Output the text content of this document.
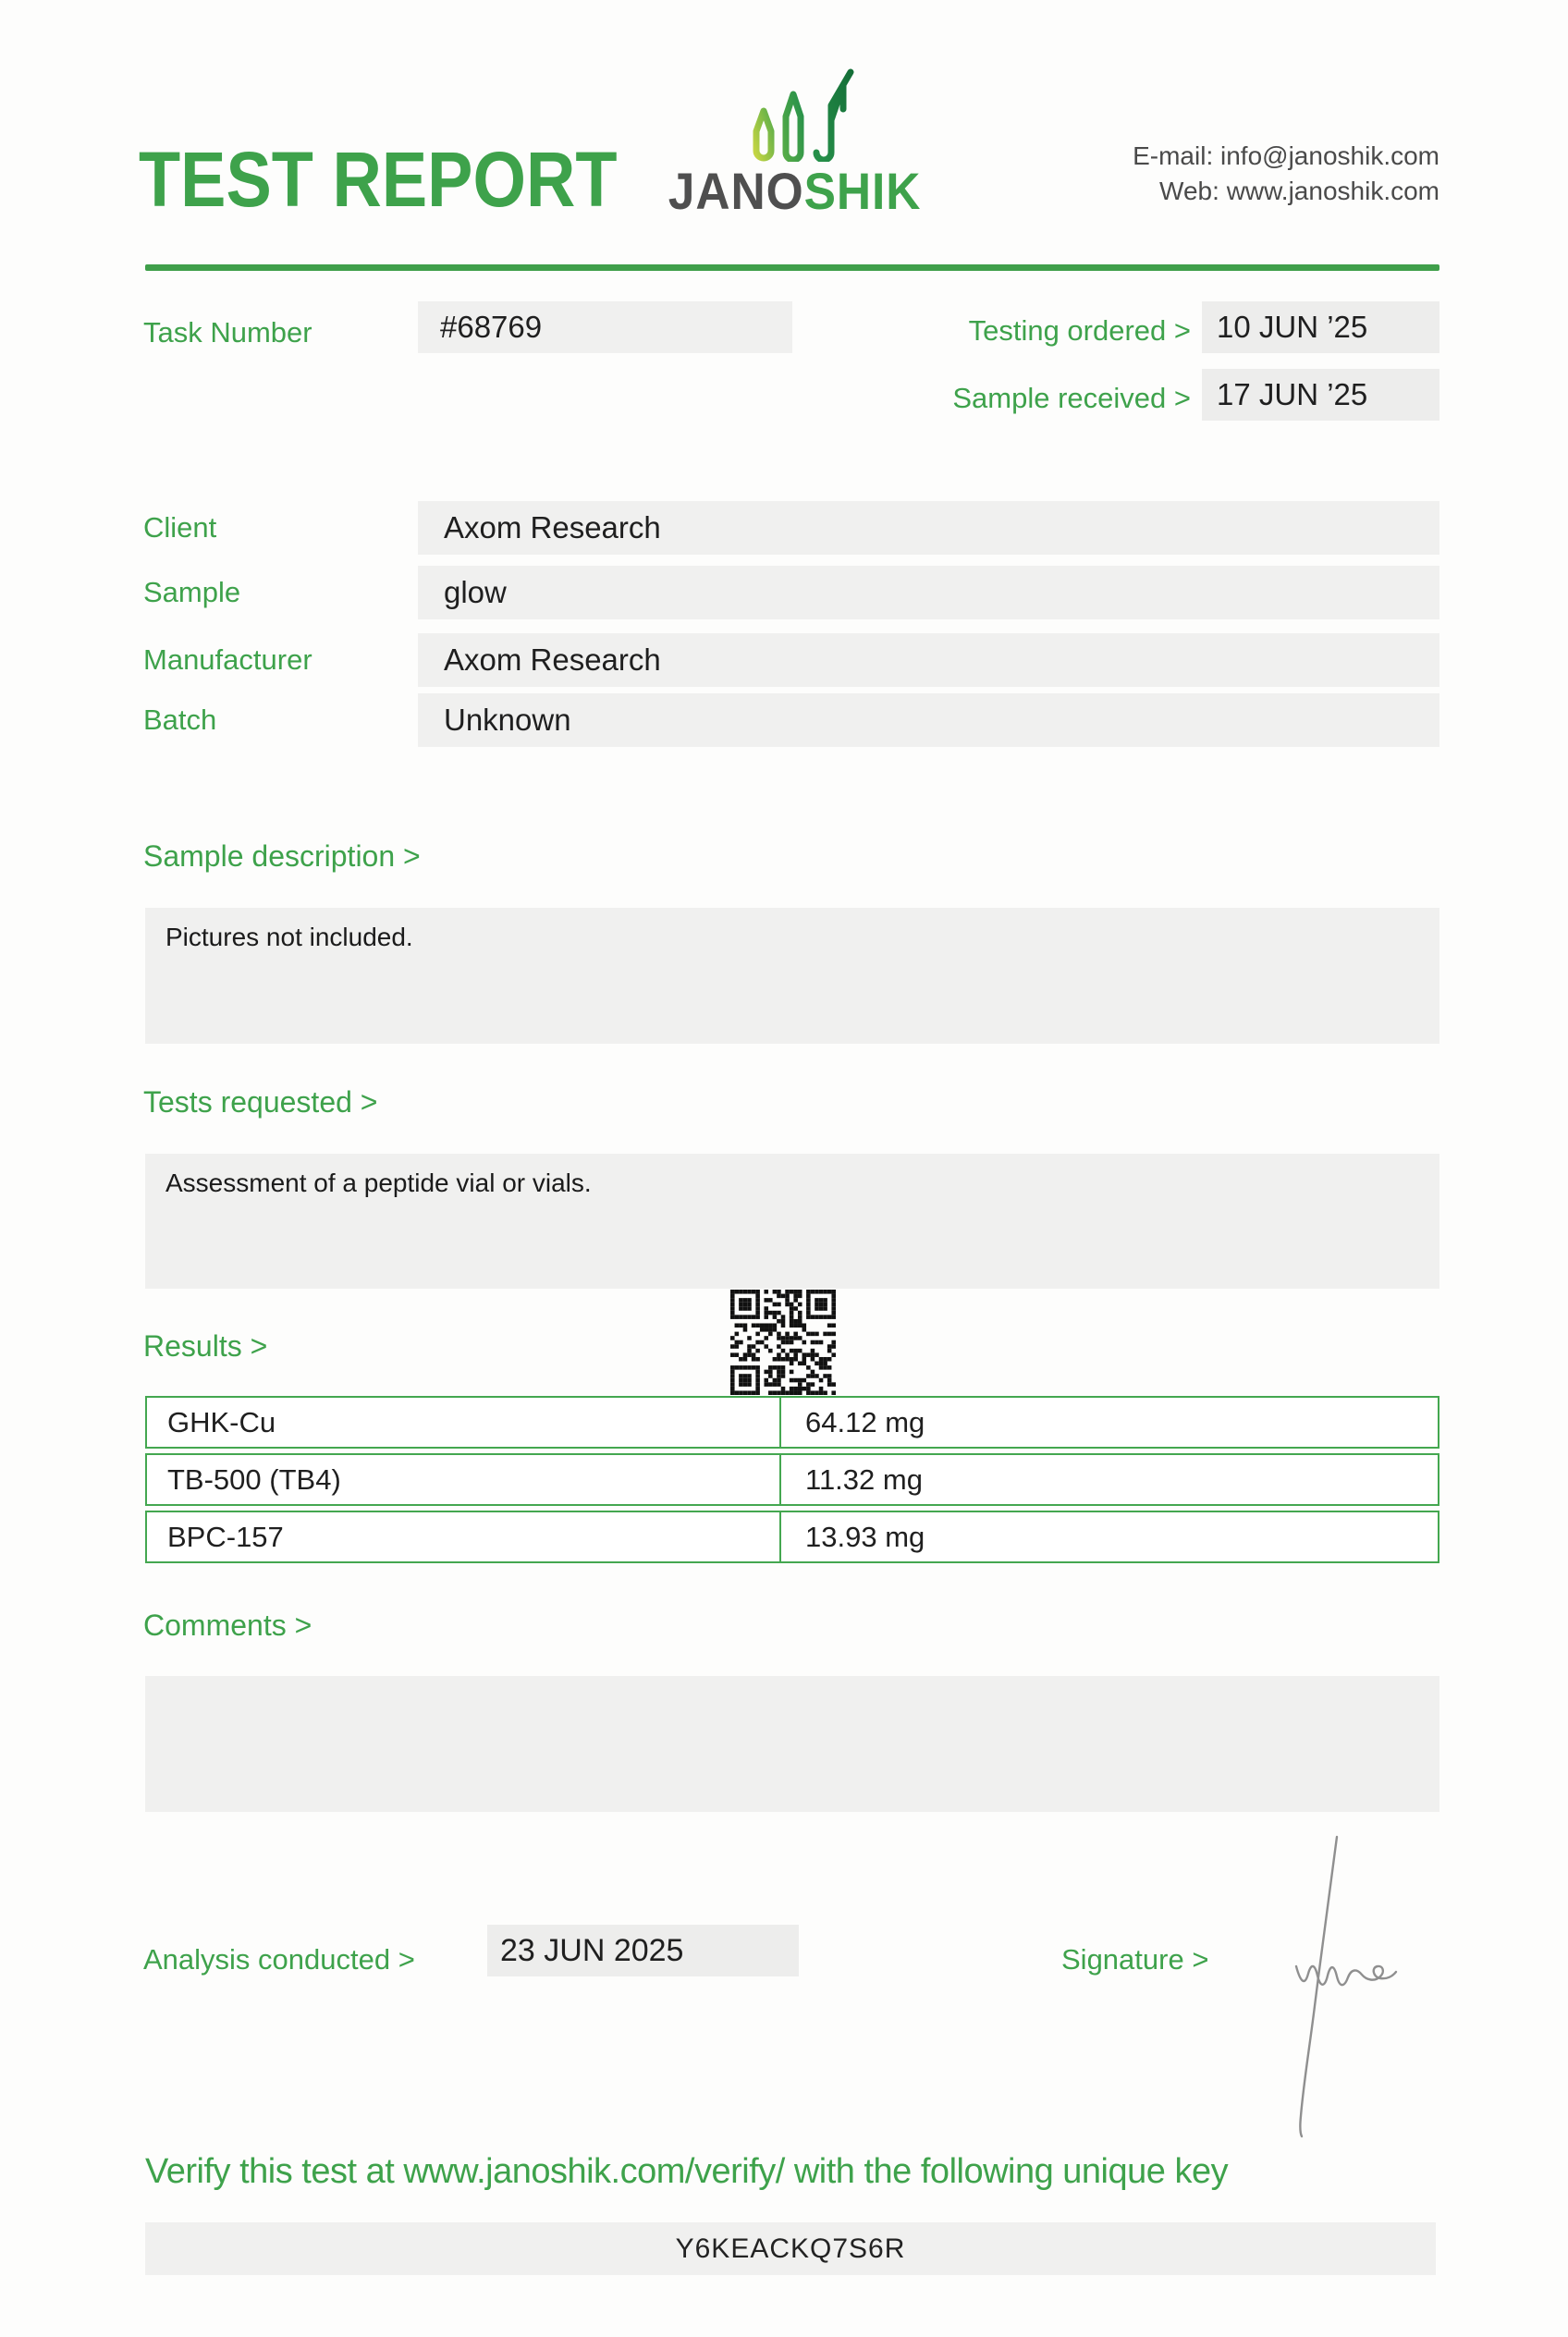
TEST REPORT JANOSHIK
E-mail: info@janoshik.com
Web: www.janoshik.com
Task Number	#68769	Testing ordered > 10 JUN ’25
Sample received > 17 JUN ’25
Client	Axom Research
Sample	glow
Manufacturer	Axom Research
Batch	Unknown
Sample description >
Pictures not included.
Tests requested >
Assessment of a peptide vial or vials.
Results >
GHK-Cu	64.12 mg
TB-500 (TB4)	11.32 mg
BPC-157	13.93 mg
Comments >
Analysis conducted >	23 JUN 2025	Signature >
Verify this test at www.janoshik.com/verify/ with the following unique key
Y6KEACKQ7S6R
